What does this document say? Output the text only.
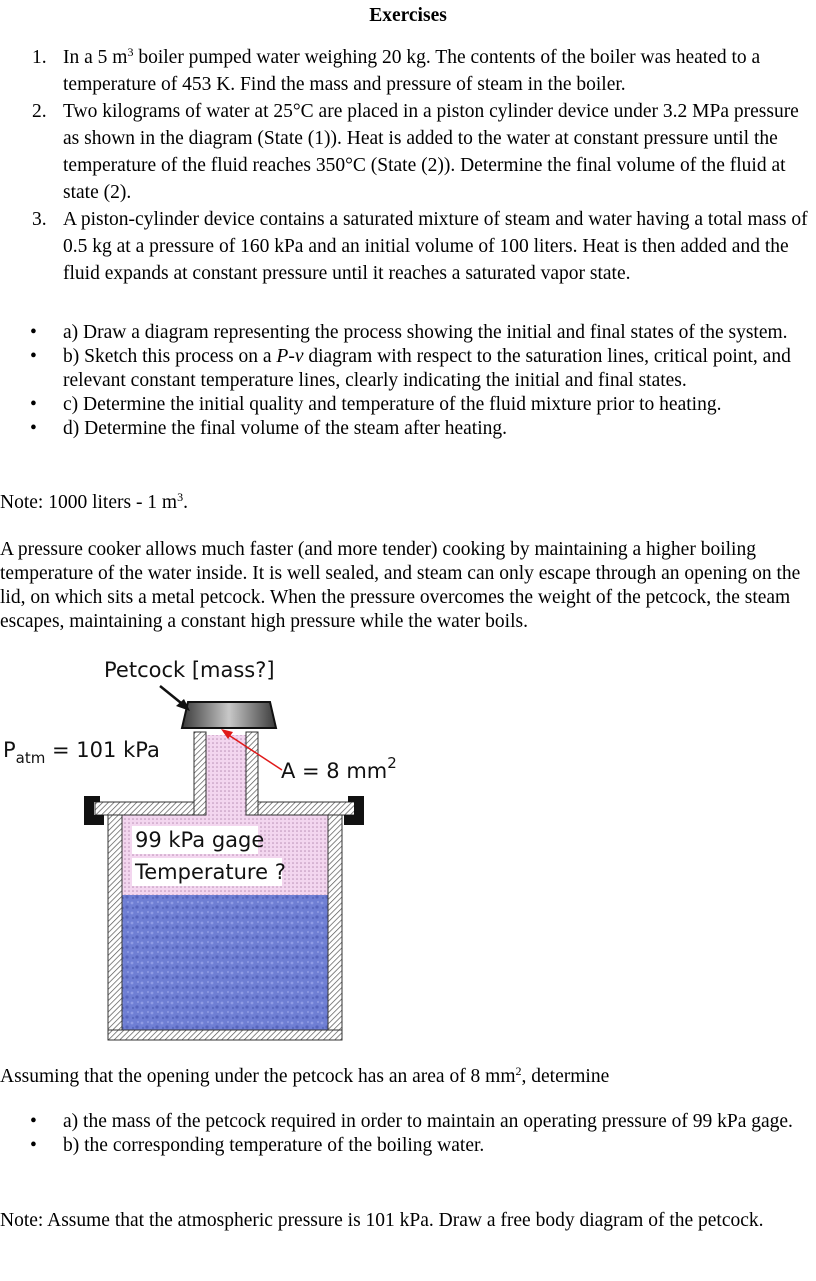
Exercises
1. In a 5 $m^3$ boiler pumped water weighing 20 kg. The contents of the boiler was heated to a temperature of 453 K. Find the mass and pressure of steam in the boiler.
2. Two kilograms of water at 25°C are placed in a piston cylinder device under 3.2 MPa pressure as shown in the diagram (State (1)). Heat is added to the water at constant pressure until the temperature of the fluid reaches 350°C (State (2)). Determine the final volume of the fluid at state (2).
3. A piston-cylinder device contains a saturated mixture of steam and water having a total mass of 0.5 kg at a pressure of 160 kPa and an initial volume of 100 liters. Heat is then added and the fluid expands at constant pressure until it reaches a saturated vapor state.
• a) Draw a diagram representing the process showing the initial and final states of the system.
• b) Sketch this process on a P-v diagram with respect to the saturation lines, critical point, and relevant constant temperature lines, clearly indicating the initial and final states.
• c) Determine the initial quality and temperature of the fluid mixture prior to heating.
• d) Determine the final volume of the steam after heating.

Note: 1000 liters - 1 $m^3$.

A pressure cooker allows much faster (and more tender) cooking by maintaining a higher boiling temperature of the water inside. It is well sealed, and steam can only escape through an opening on the lid, on which sits a metal petcock. When the pressure overcomes the weight of the petcock, the steam escapes, maintaining a constant high pressure while the water boils.

Petcock [mass?]
$P_{atm} = 101$ kPa
A = 8 $mm^2$
99 kPa gage
Temperature ?

Assuming that the opening under the petcock has an area of 8 $mm^2$, determine

• a) the mass of the petcock required in order to maintain an operating pressure of 99 kPa gage.
• b) the corresponding temperature of the boiling water.

Note: Assume that the atmospheric pressure is 101 kPa. Draw a free body diagram of the petcock.
